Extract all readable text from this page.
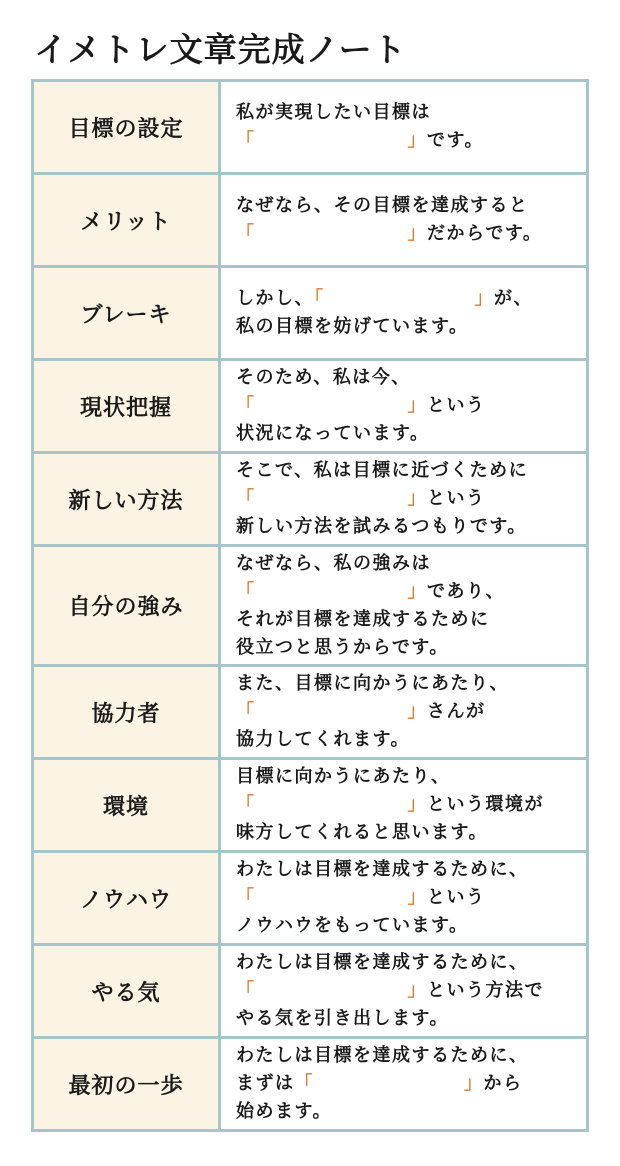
イメトレ文章完成ノート
目標の設定
私が実現したい目標は
「	」です。
メリット
なぜなら、その目標を達成すると
「	」だからです。
ブレーキ
しかし、「	」が、
私の目標を妨げています。
現状把握
そのため、私は今、
「	」という
状況になっています。
新しい方法
そこで、私は目標に近づくために
「	」という
新しい方法を試みるつもりです。
自分の強み
なぜなら、私の強みは
「	」であり、
それが目標を達成するために
役立つと思うからです。
協力者
また、目標に向かうにあたり、
「	」さんが
協力してくれます。
環境
目標に向かうにあたり、
「	」という環境が
味方してくれると思います。
ノウハウ
わたしは目標を達成するために、
「	」という
ノウハウをもっています。
やる気
わたしは目標を達成するために、
「	」という方法で
やる気を引き出します。
最初の一歩
わたしは目標を達成するために、
まずは「	」から
始めます。
